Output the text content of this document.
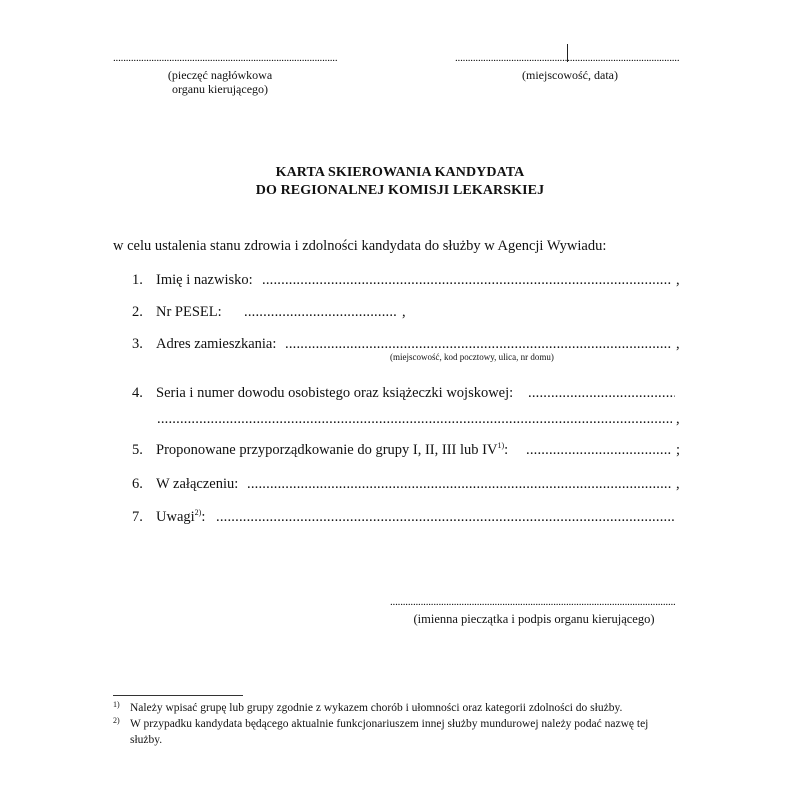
.....
(pieczęć nagłówkowa
organu kierującego)
.....
(miejscowość, data)
KARTA SKIEROWANIA KANDYDATA
DO REGIONALNEJ KOMISJI LEKARSKIEJ
w celu ustalenia stanu zdrowia i zdolności kandydata do służby w Agencji Wywiadu:
1. Imię i nazwisko: .....	,
2. Nr PESEL: .....	,
3. Adres zamieszkania: .....	,
(miejscowość, kod pocztowy, ulica, nr domu)
4. Seria i numer dowodu osobistego oraz książeczki wojskowej:
.....
.....
,
5. Proponowane przyporządkowanie do grupy I, II, III lub IV$^{1)}$: .....	;
6. W załączeniu: .....	,
7. Uwagi$^{2)}$:
.....
.....
(imienna pieczątka i podpis organu kierującego)
1) Należy wpisać grupę lub grupy zgodnie z wykazem chorób i ułomności oraz kategorii zdolności do służby.
2) W przypadku kandydata będącego aktualnie funkcjonariuszem innej służby mundurowej należy podać nazwę tej służby.
